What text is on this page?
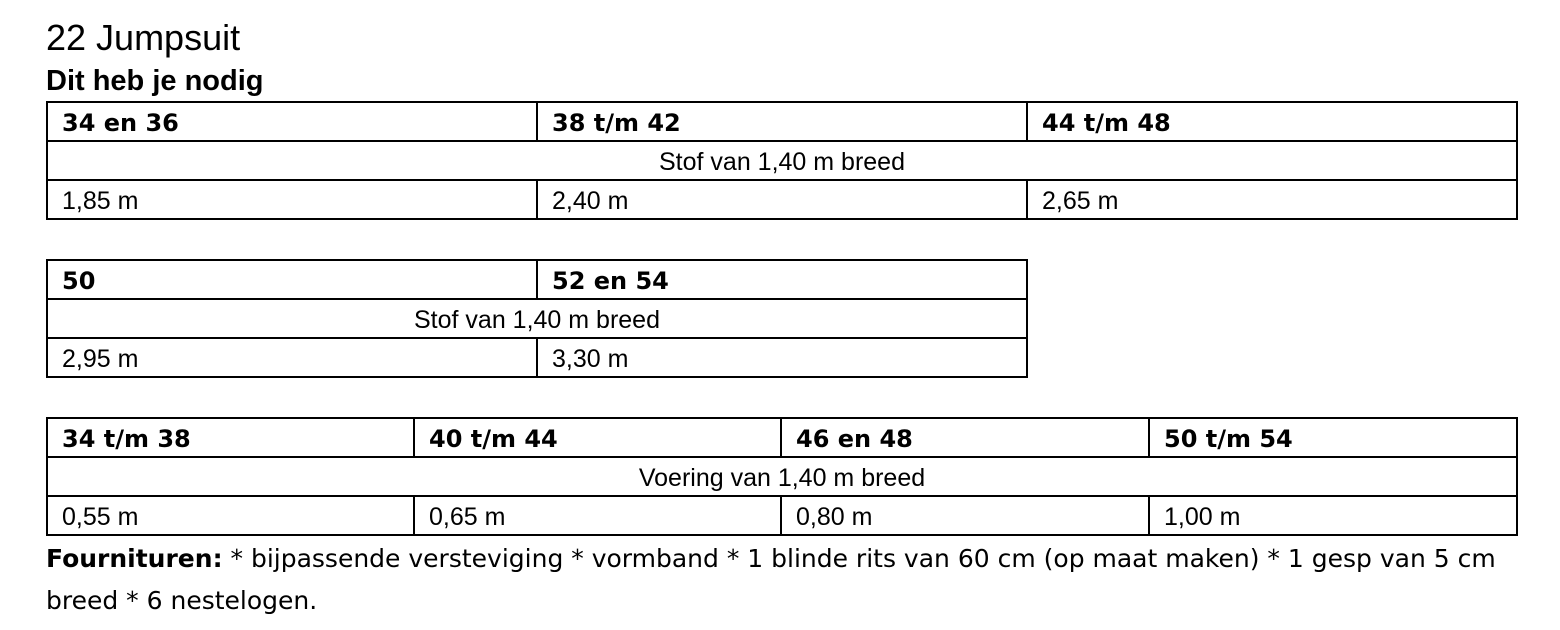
22 Jumpsuit
Dit heb je nodig
34 en 36	38 t/m 42	44 t/m 48
Stof van 1,40 m breed		
1,85 m	2,40 m	2,65 m
50	52 en 54
Stof van 1,40 m breed	
2,95 m	3,30 m
34 t/m 38	40 t/m 44	46 en 48	50 t/m 54
Voering van 1,40 m breed			
0,55 m	0,65 m	0,80 m	1,00 m

Fournituren: * bijpassende versteviging * vormband * 1 blinde rits van 60 cm (op maat maken) * 1 gesp van 5 cm breed * 6 nestelogen.
